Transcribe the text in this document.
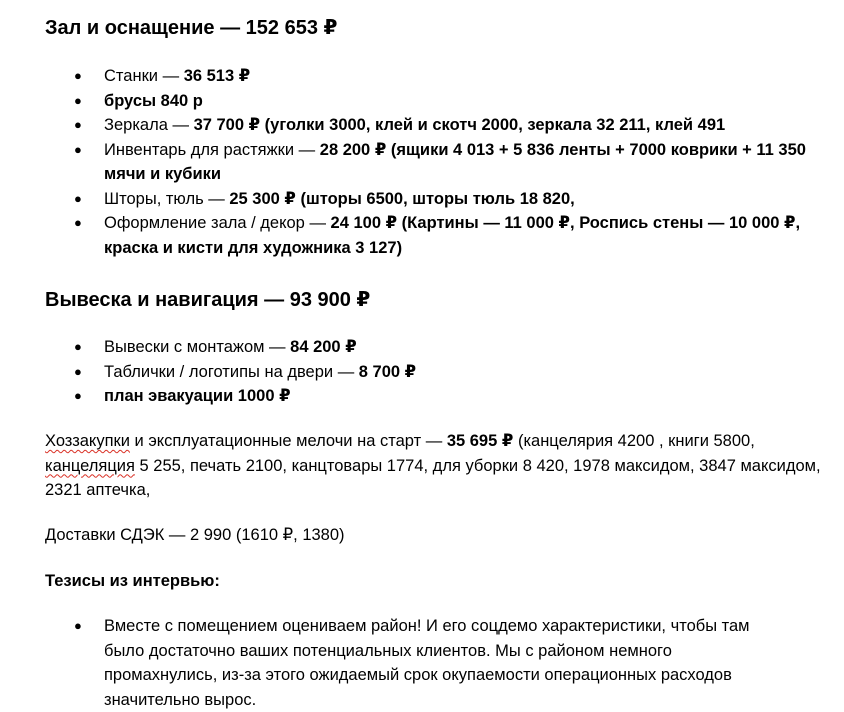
Зал и оснащение — 152 653 ₽
● Станки — 36 513 ₽
● брусы 840 р
● Зеркала — 37 700 ₽ (уголки 3000, клей и скотч 2000, зеркала 32 211, клей 491
● Инвентарь для растяжки — 28 200 ₽ (ящики 4 013 + 5 836 ленты + 7000 коврики + 11 350 мячи и кубики
● Шторы, тюль — 25 300 ₽ (шторы 6500, шторы тюль 18 820,
● Оформление зала / декор — 24 100 ₽ (Картины — 11 000 ₽, Роспись стены — 10 000 ₽, краска и кисти для художника 3 127)
Вывеска и навигация — 93 900 ₽
● Вывески с монтажом — 84 200 ₽
● Таблички / логотипы на двери — 8 700 ₽
● план эвакуации 1000 ₽

Хоззакупки и эксплуатационные мелочи на старт — 35 695 ₽ (канцелярия 4200 , книги 5800, канцеляция 5 255, печать 2100, канцтовары 1774, для уборки 8 420, 1978 максидом, 3847 максидом, 2321 аптечка,

Доставки СДЭК — 2 990 (1610 ₽, 1380)

Тезисы из интервью:

● Вместе с помещением оцениваем район! И его соцдемо характеристики, чтобы там было достаточно ваших потенциальных клиентов. Мы с районом немного промахнулись, из-за этого ожидаемый срок окупаемости операционных расходов значительно вырос.
